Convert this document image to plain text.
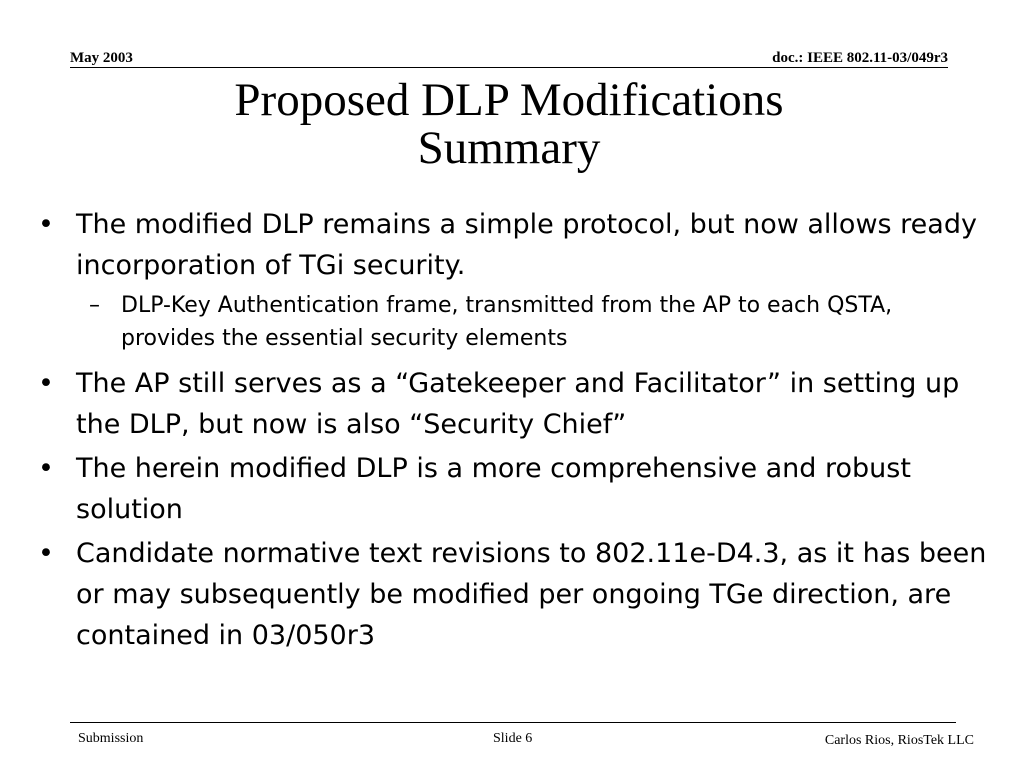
May 2003	doc.: IEEE 802.11-03/049r3
Proposed DLP Modifications
Summary
• The modified DLP remains a simple protocol, but now allows ready incorporation of TGi security.
– DLP-Key Authentication frame, transmitted from the AP to each QSTA, provides the essential security elements
• The AP still serves as a “Gatekeeper and Facilitator” in setting up the DLP, but now is also “Security Chief”
• The herein modified DLP is a more comprehensive and robust solution
• Candidate normative text revisions to 802.11e-D4.3, as it has been or may subsequently be modified per ongoing TGe direction, are contained in 03/050r3
Submission	Slide 6	Carlos Rios, RiosTek LLC
